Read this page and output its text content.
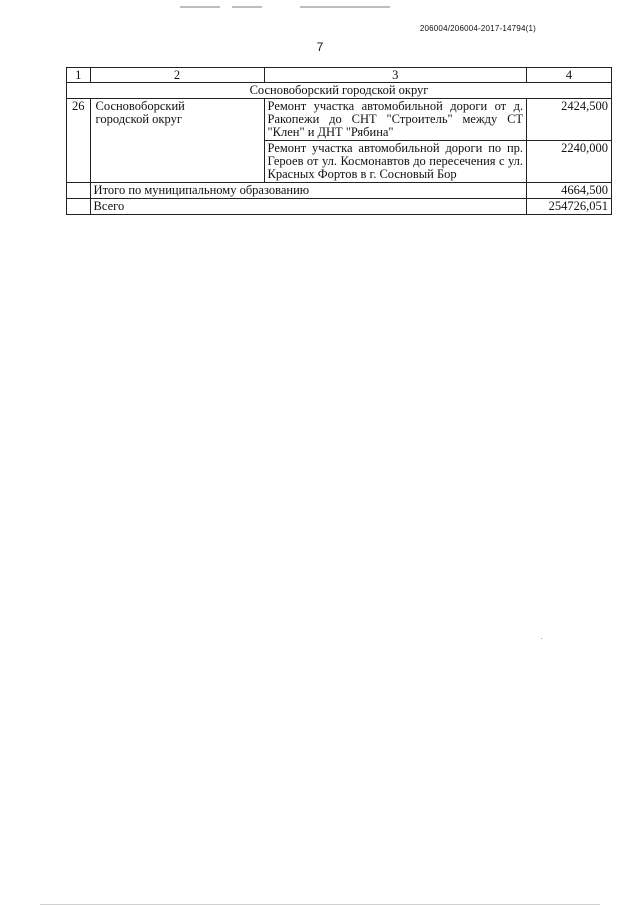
206004/206004-2017-14794(1)
7
1	2	3	4
Сосновоборский городской округ			
26	Сосновоборский городской округ	Ремонт участка автомобильной дороги от д. Ракопежи до СНТ "Строитель" между СТ "Клен" и ДНТ "Рябина"	2424,500
		Ремонт участка автомобильной дороги по пр. Героев от ул. Космонавтов до пересечения с ул. Красных Фортов в г. Сосновый Бор	2240,000
	Итого по муниципальному образованию		4664,500
	Всего		254726,051
